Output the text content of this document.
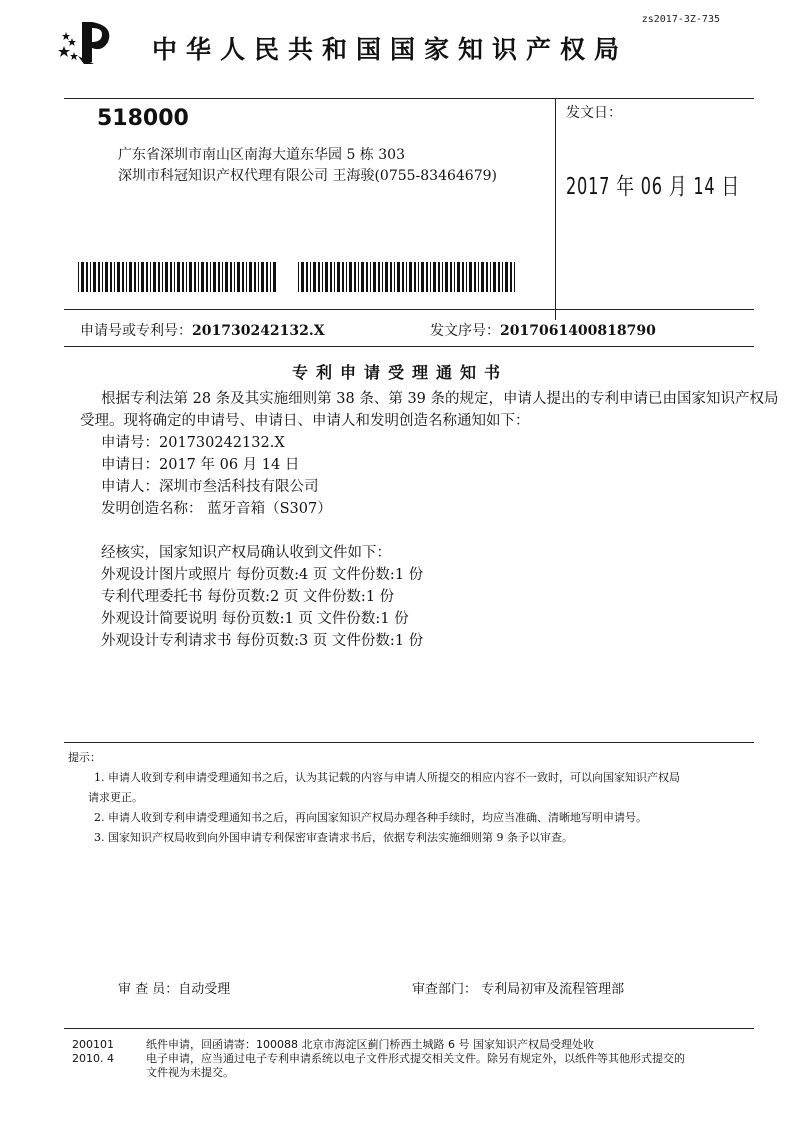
zs2017-3Z-735
中华人民共和国国家知识产权局
518000
广东省深圳市南山区南海大道东华园 5 栋 303
深圳市科冠知识产权代理有限公司 王海骏(0755-83464679)
发文日：
2017 年 06 月 14 日
申请号或专利号：201730242132.X	发文序号：2017061400818790
专利申请受理通知书
根据专利法第 28 条及其实施细则第 38 条、第 39 条的规定，申请人提出的专利申请已由国家知识产权局
受理。现将确定的申请号、申请日、申请人和发明创造名称通知如下：
申请号：201730242132.X
申请日：2017 年 06 月 14 日
申请人：深圳市叁活科技有限公司
发明创造名称： 蓝牙音箱（S307）
经核实，国家知识产权局确认收到文件如下：
外观设计图片或照片 每份页数:4 页 文件份数:1 份
专利代理委托书 每份页数:2 页 文件份数:1 份
外观设计简要说明 每份页数:1 页 文件份数:1 份
外观设计专利请求书 每份页数:3 页 文件份数:1 份
提示：
1. 申请人收到专利申请受理通知书之后，认为其记载的内容与申请人所提交的相应内容不一致时，可以向国家知识产权局
请求更正。
2. 申请人收到专利申请受理通知书之后，再向国家知识产权局办理各种手续时，均应当准确、清晰地写明申请号。
3. 国家知识产权局收到向外国申请专利保密审查请求书后，依据专利法实施细则第 9 条予以审查。
审 查 员：自动受理	审查部门： 专利局初审及流程管理部
200101	纸件申请，回函请寄：100088 北京市海淀区蓟门桥西土城路 6 号 国家知识产权局受理处收
2010. 4	电子申请，应当通过电子专利申请系统以电子文件形式提交相关文件。除另有规定外，以纸件等其他形式提交的
文件视为未提交。
